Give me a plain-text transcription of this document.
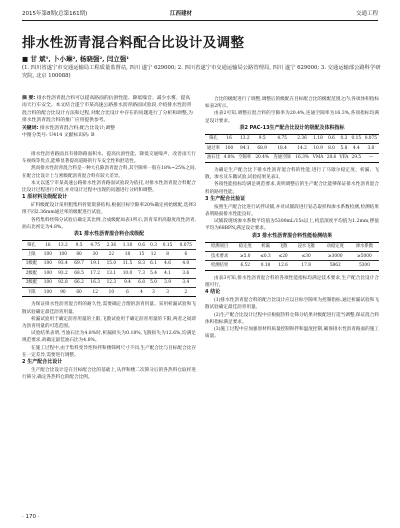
2015年第8期(总第161期)	江西建材	交通工程
排水性沥青混合料配合比设计及调整
■ 甘 斌¹, 卜小琳², 杨晓强², 闫立强¹
(1. 四川省遂宁市交通运输局工程质量监督站, 四川 遂宁 629000; 2. 四川省遂宁市交通运输局公路管理局, 四川 遂宁 629000; 3. 交通运输部公路科学研究院, 北京 100088)
摘 要: 排水性沥青混合料可以提高路面的抗滑性能、降低噪音、减少水雾、提高雨天行车安全。本文结合遂宁市某高速公路排水沥青路面试验段,介绍排水性沥青混合料的配合比设计方法和过程,对配合比设计中存在的问题进行了分析和调整,为排水性沥青混合料的推广应用提供参考。
关键词: 排水性沥青混合料;配合比设计;调整
中图分类号: U414 文献标识码: B
排水性沥青路面具有排除路面积水、提高抗滑性能、降低交通噪声、改善雨天行车视线等优点,能够显著提高道路的行车安全性和舒适性。
然而排水性沥青混合料是一种大孔隙沥青混合料,其空隙率一般在18%~25%之间,在配合比设计上与密级配沥青混合料有较大差异。
本文以遂宁市某高速公路排水性沥青路面试验段为依托,对排水性沥青混合料配合比设计过程进行介绍,并对设计过程中出现的问题进行分析和调整。
1 原材料及级配设计
矿料级配设计采用粗集料骨架嵌挤结构,根据目标空隙率20%确定初始级配,选择3组不同2.36mm通过率的级配进行试验。
各档集料经筛分试验后确定其比例,合成级配如表1所示,沥青采用高黏度改性沥青,油石比初定为4.8%。
表1 排水性沥青混合料合成级配
筛孔	16	13.2	9.5	4.75	2.36	1.18	0.6	0.3	0.15	0.075
上限	100	100	80	30	22	18	15	12	8	6
1级配	100	93.4	69.7	19.1	15.0	11.5	8.3	6.1	4.6	4.0
2级配	100	93.2	68.5	17.2	13.1	10.0	7.3	5.4	4.1	3.6
3级配	100	92.8	66.2	16.3	12.3	9.4	6.8	5.0	3.9	3.4
下限	100	90	60	12	10	6	4	3	3	2
为保证排水性沥青混合料的耐久性,需要确定合理的沥青用量。采用析漏试验和飞散试验确定最佳沥青用量。
析漏试验用于确定沥青用量的上限,飞散试验用于确定沥青用量的下限,两者之间即为沥青用量的可选范围。
试验结果表明,当油石比为4.8%时,析漏损失为0.18%,飞散损失为12.6%,均满足规范要求,故确定最佳油石比为4.8%。
在施工过程中,由于集料变异性和拌和楼筛网尺寸不同,生产配合比与目标配合比存在一定差异,需要进行调整。
2 生产配合比设计
生产配合比设计是在目标配合比的基础上,从拌和楼二次筛分后的各热料仓取样进行筛分,确定各热料仓的配合比例。
合比的级配进行了调整,调整后的级配在目标配合比的级配范围之内,各项体积指标如表2所示。
由表2可知,调整后混合料的空隙率为20.4%,连通空隙率为16.3%,各项指标均满足设计要求。
表2 PAC-13生产配合比设计的级配及体积指标
筛孔	16	13.2	9.5	4.75	2.36	1.18	0.6	0.3	0.15	0.075
通过率	100	94.1	68.9	18.4	14.2	10.9	8.0	5.8	4.4	3.8
油石比	4.8%	空隙率	20.4%	连通空隙	16.3%	VMA	28.6	VFA	29.5	—
为确定生产配合比下排水性沥青混合料的性能,进行了马歇尔稳定度、析漏、飞散、渗水及车辙试验,试验结果见表3。
各项性能指标均满足规范要求,说明调整后的生产配合比能够保证排水性沥青混合料的路用性能。
3 生产配合比验证
按照生产配合比进行试拌试铺,并对试铺段进行钻芯取样和渗水系数检测,检测结果表明路面排水性能良好。
试铺段现场渗水系数平均值为5300mL/15s以上,构造深度平均值为1.2mm,摆值平均为68BPN,满足设计要求。
表3 排水性沥青混合料性能检测结果
检测项目	稳定度	析漏	飞散	浸水飞散	动稳定度	渗水系数
技术要求	≥5.0	≤0.3	≤20	≤30	≥3000	≥5000
检测结果	6.52	0.18	12.6	17.8	5862	5300
由表3可知,排水性沥青混合料的各项性能指标均满足技术要求,生产配合比设计合理可行。
4 结论
(1)排水性沥青混合料的配合比设计应以目标空隙率为控制指标,通过析漏试验和飞散试验确定最佳沥青用量。
(2)生产配合比设计过程中应根据热料仓筛分结果对级配进行适当调整,保证混合料体积指标满足要求。
(3)施工过程中应加强原材料质量控制和拌和温度控制,确保排水性沥青路面的施工质量。
· 170 ·
